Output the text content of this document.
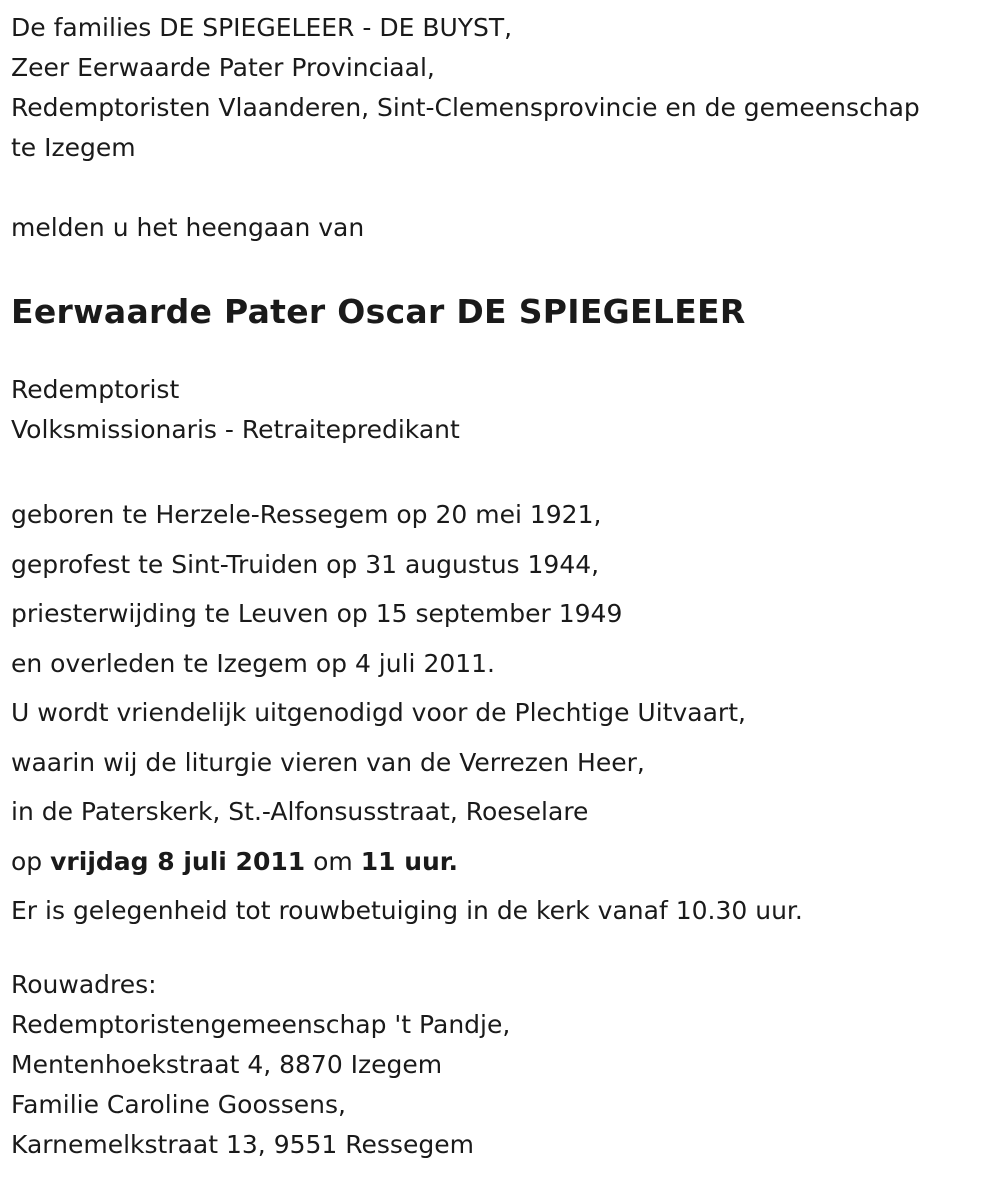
De families DE SPIEGELEER - DE BUYST,
Zeer Eerwaarde Pater Provinciaal,
Redemptoristen Vlaanderen, Sint-Clemensprovincie en de gemeenschap
te Izegem
melden u het heengaan van
Eerwaarde Pater Oscar DE SPIEGELEER
Redemptorist
Volksmissionaris - Retraitepredikant
geboren te Herzele-Ressegem op 20 mei 1921,
geprofest te Sint-Truiden op 31 augustus 1944,
priesterwijding te Leuven op 15 september 1949
en overleden te Izegem op 4 juli 2011.
U wordt vriendelijk uitgenodigd voor de Plechtige Uitvaart,
waarin wij de liturgie vieren van de Verrezen Heer,
in de Paterskerk, St.-Alfonsusstraat, Roeselare
op vrijdag 8 juli 2011 om 11 uur.
Er is gelegenheid tot rouwbetuiging in de kerk vanaf 10.30 uur.
Rouwadres:
Redemptoristengemeenschap 't Pandje,
Mentenhoekstraat 4, 8870 Izegem
Familie Caroline Goossens,
Karnemelkstraat 13, 9551 Ressegem
